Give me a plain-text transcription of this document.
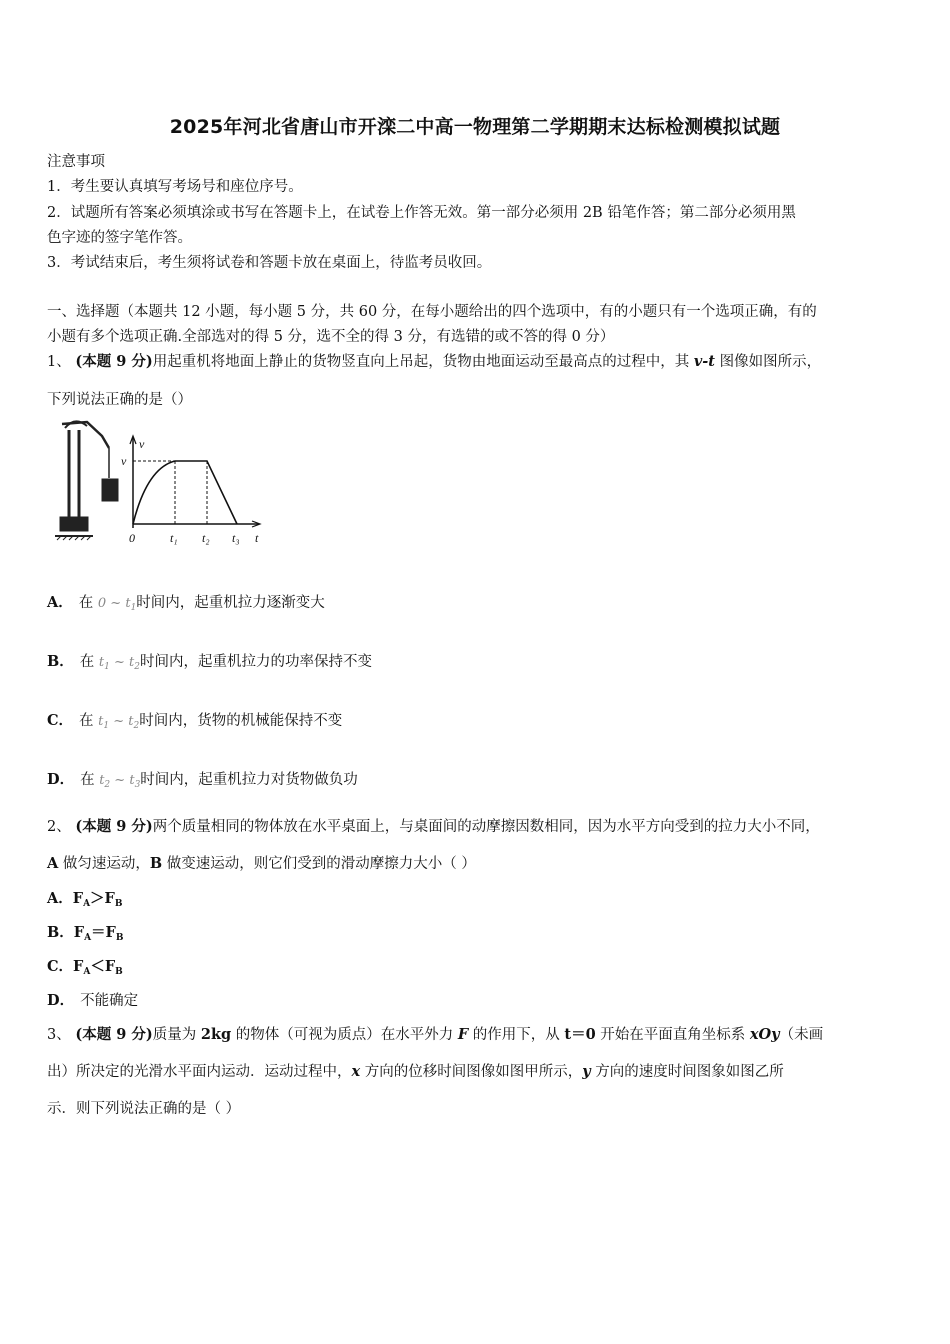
2025年河北省唐山市开滦二中高一物理第二学期期末达标检测模拟试题
注意事项
1．考生要认真填写考场号和座位序号。
2．试题所有答案必须填涂或书写在答题卡上，在试卷上作答无效。第一部分必须用 2B 铅笔作答；第二部分必须用黑
色字迹的签字笔作答。
3．考试结束后，考生须将试卷和答题卡放在桌面上，待监考员收回。
一、选择题（本题共 12 小题，每小题 5 分，共 60 分，在每小题给出的四个选项中，有的小题只有一个选项正确，有的
小题有多个选项正确.全部选对的得 5 分，选不全的得 3 分，有选错的或不答的得 0 分）
1、 (本题 9 分)用起重机将地面上静止的货物竖直向上吊起，货物由地面运动至最高点的过程中，其 v-t 图像如图所示，
下列说法正确的是（）
v
t
v
0	t₁ t₂ t₃
A． 在 0 ~ $t_1$时间内，起重机拉力逐渐变大
B． 在 $t_1$ ~ $t_2$时间内，起重机拉力的功率保持不变
C． 在 $t_1$ ~ $t_2$时间内，货物的机械能保持不变
D． 在 $t_2$ ~ $t_3$时间内，起重机拉力对货物做负功
2、 (本题 9 分)两个质量相同的物体放在水平桌面上，与桌面间的动摩擦因数相同，因为水平方向受到的拉力大小不同，
A 做匀速运动，B 做变速运动，则它们受到的滑动摩擦力大小（ ）
A．$F_A>F_B$
B．$F_A=F_B$
C．$F_A<F_B$
D． 不能确定
3、 (本题 9 分)质量为 2kg 的物体（可视为质点）在水平外力 F 的作用下，从 t＝0 开始在平面直角坐标系 xOy（未画
出）所决定的光滑水平面内运动．运动过程中，x 方向的位移时间图像如图甲所示，y 方向的速度时间图象如图乙所
示．则下列说法正确的是（ ）
